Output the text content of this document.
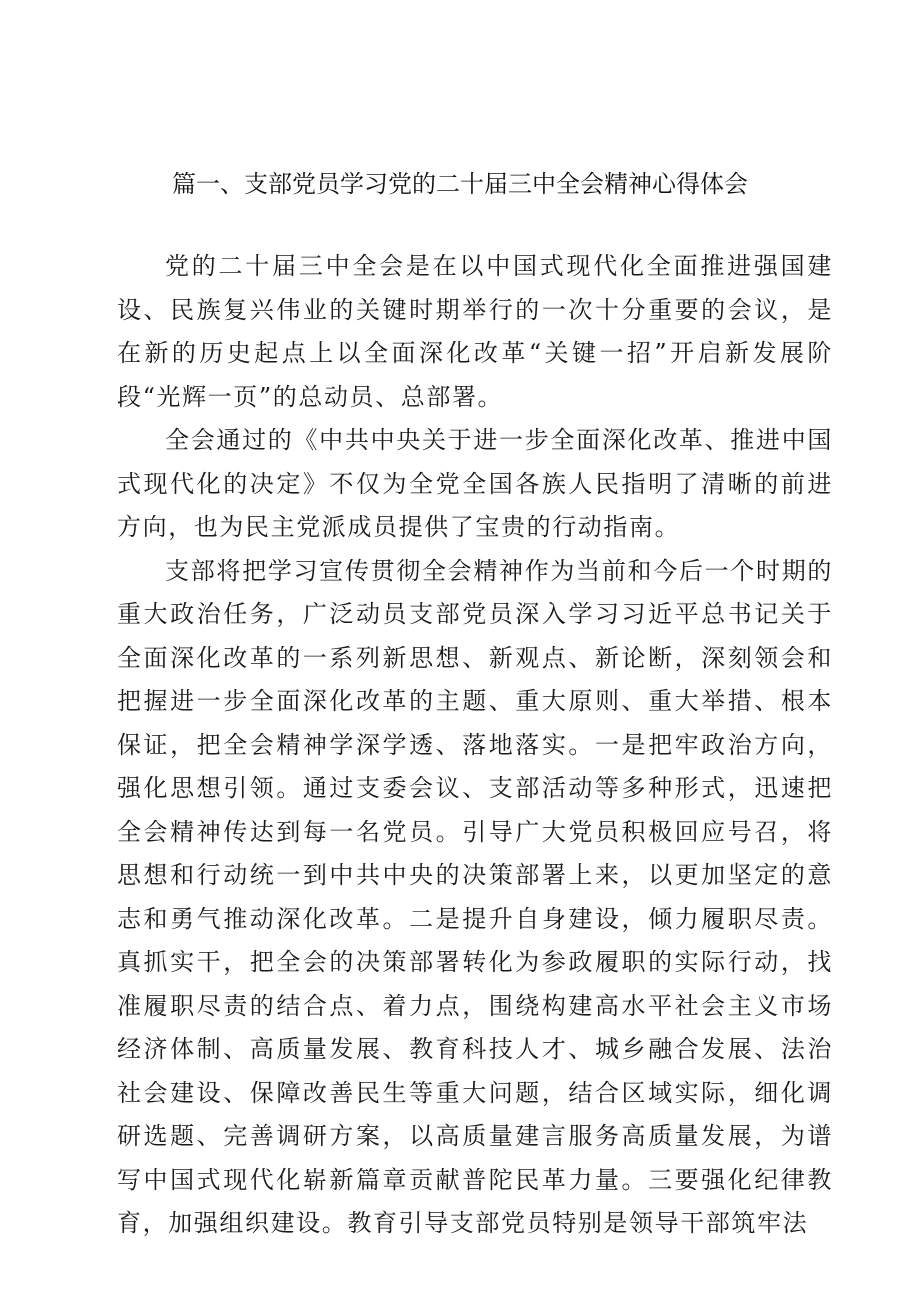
篇一、支部党员学习党的二十届三中全会精神心得体会

党的二十届三中全会是在以中国式现代化全面推进强国建设、民族复兴伟业的关键时期举行的一次十分重要的会议，是在新的历史起点上以全面深化改革“关键一招”开启新发展阶段“光辉一页”的总动员、总部署。

全会通过的《中共中央关于进一步全面深化改革、推进中国式现代化的决定》不仅为全党全国各族人民指明了清晰的前进方向，也为民主党派成员提供了宝贵的行动指南。

支部将把学习宣传贯彻全会精神作为当前和今后一个时期的重大政治任务，广泛动员支部党员深入学习习近平总书记关于全面深化改革的一系列新思想、新观点、新论断，深刻领会和把握进一步全面深化改革的主题、重大原则、重大举措、根本保证，把全会精神学深学透、落地落实。一是把牢政治方向，强化思想引领。通过支委会议、支部活动等多种形式，迅速把全会精神传达到每一名党员。引导广大党员积极回应号召，将思想和行动统一到中共中央的决策部署上来，以更加坚定的意志和勇气推动深化改革。二是提升自身建设，倾力履职尽责。真抓实干，把全会的决策部署转化为参政履职的实际行动，找准履职尽责的结合点、着力点，围绕构建高水平社会主义市场经济体制、高质量发展、教育科技人才、城乡融合发展、法治社会建设、保障改善民生等重大问题，结合区域实际，细化调研选题、完善调研方案，以高质量建言服务高质量发展，为谱写中国式现代化崭新篇章贡献普陀民革力量。三要强化纪律教育，加强组织建设。教育引导支部党员特别是领导干部筑牢法
